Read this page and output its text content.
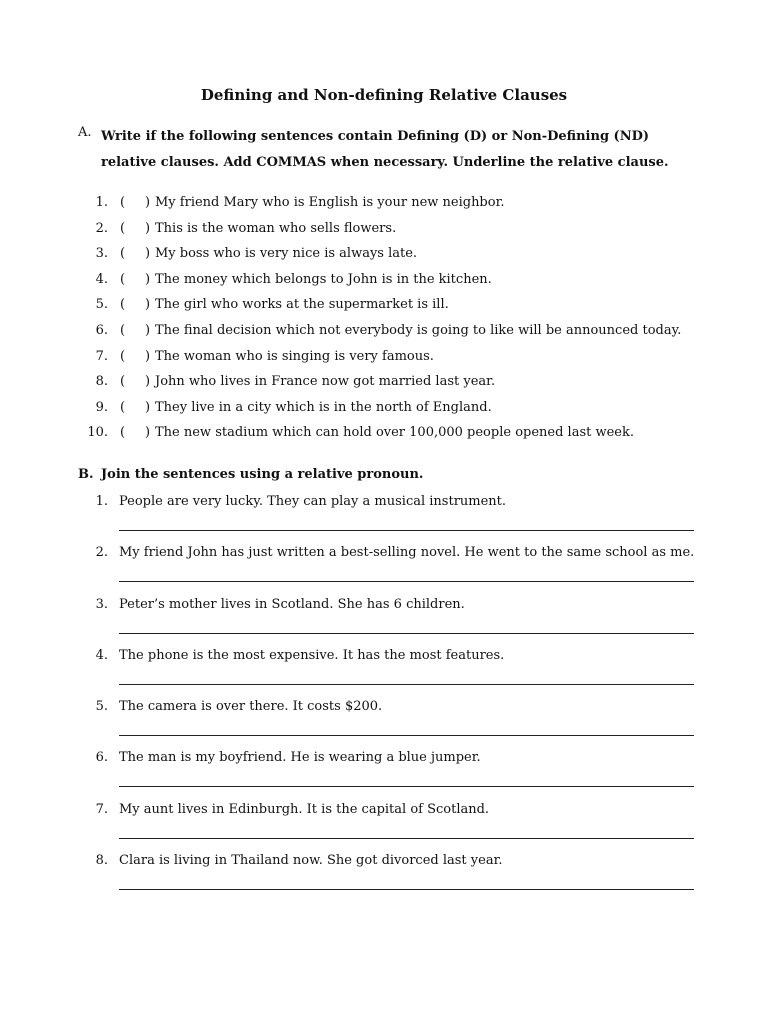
Defining and Non-defining Relative Clauses
A. Write if the following sentences contain Defining (D) or Non-Defining (ND) relative clauses. Add COMMAS when necessary. Underline the relative clause.
1. ( ) My friend Mary who is English is your new neighbor.
2. ( ) This is the woman who sells flowers.
3. ( ) My boss who is very nice is always late.
4. ( ) The money which belongs to John is in the kitchen.
5. ( ) The girl who works at the supermarket is ill.
6. ( ) The final decision which not everybody is going to like will be announced today.
7. ( ) The woman who is singing is very famous.
8. ( ) John who lives in France now got married last year.
9. ( ) They live in a city which is in the north of England.
10. ( ) The new stadium which can hold over 100,000 people opened last week.
B. Join the sentences using a relative pronoun.
1. People are very lucky. They can play a musical instrument.
2. My friend John has just written a best-selling novel. He went to the same school as me.
3. Peter’s mother lives in Scotland. She has 6 children.
4. The phone is the most expensive. It has the most features.
5. The camera is over there. It costs $200.
6. The man is my boyfriend. He is wearing a blue jumper.
7. My aunt lives in Edinburgh. It is the capital of Scotland.
8. Clara is living in Thailand now. She got divorced last year.
